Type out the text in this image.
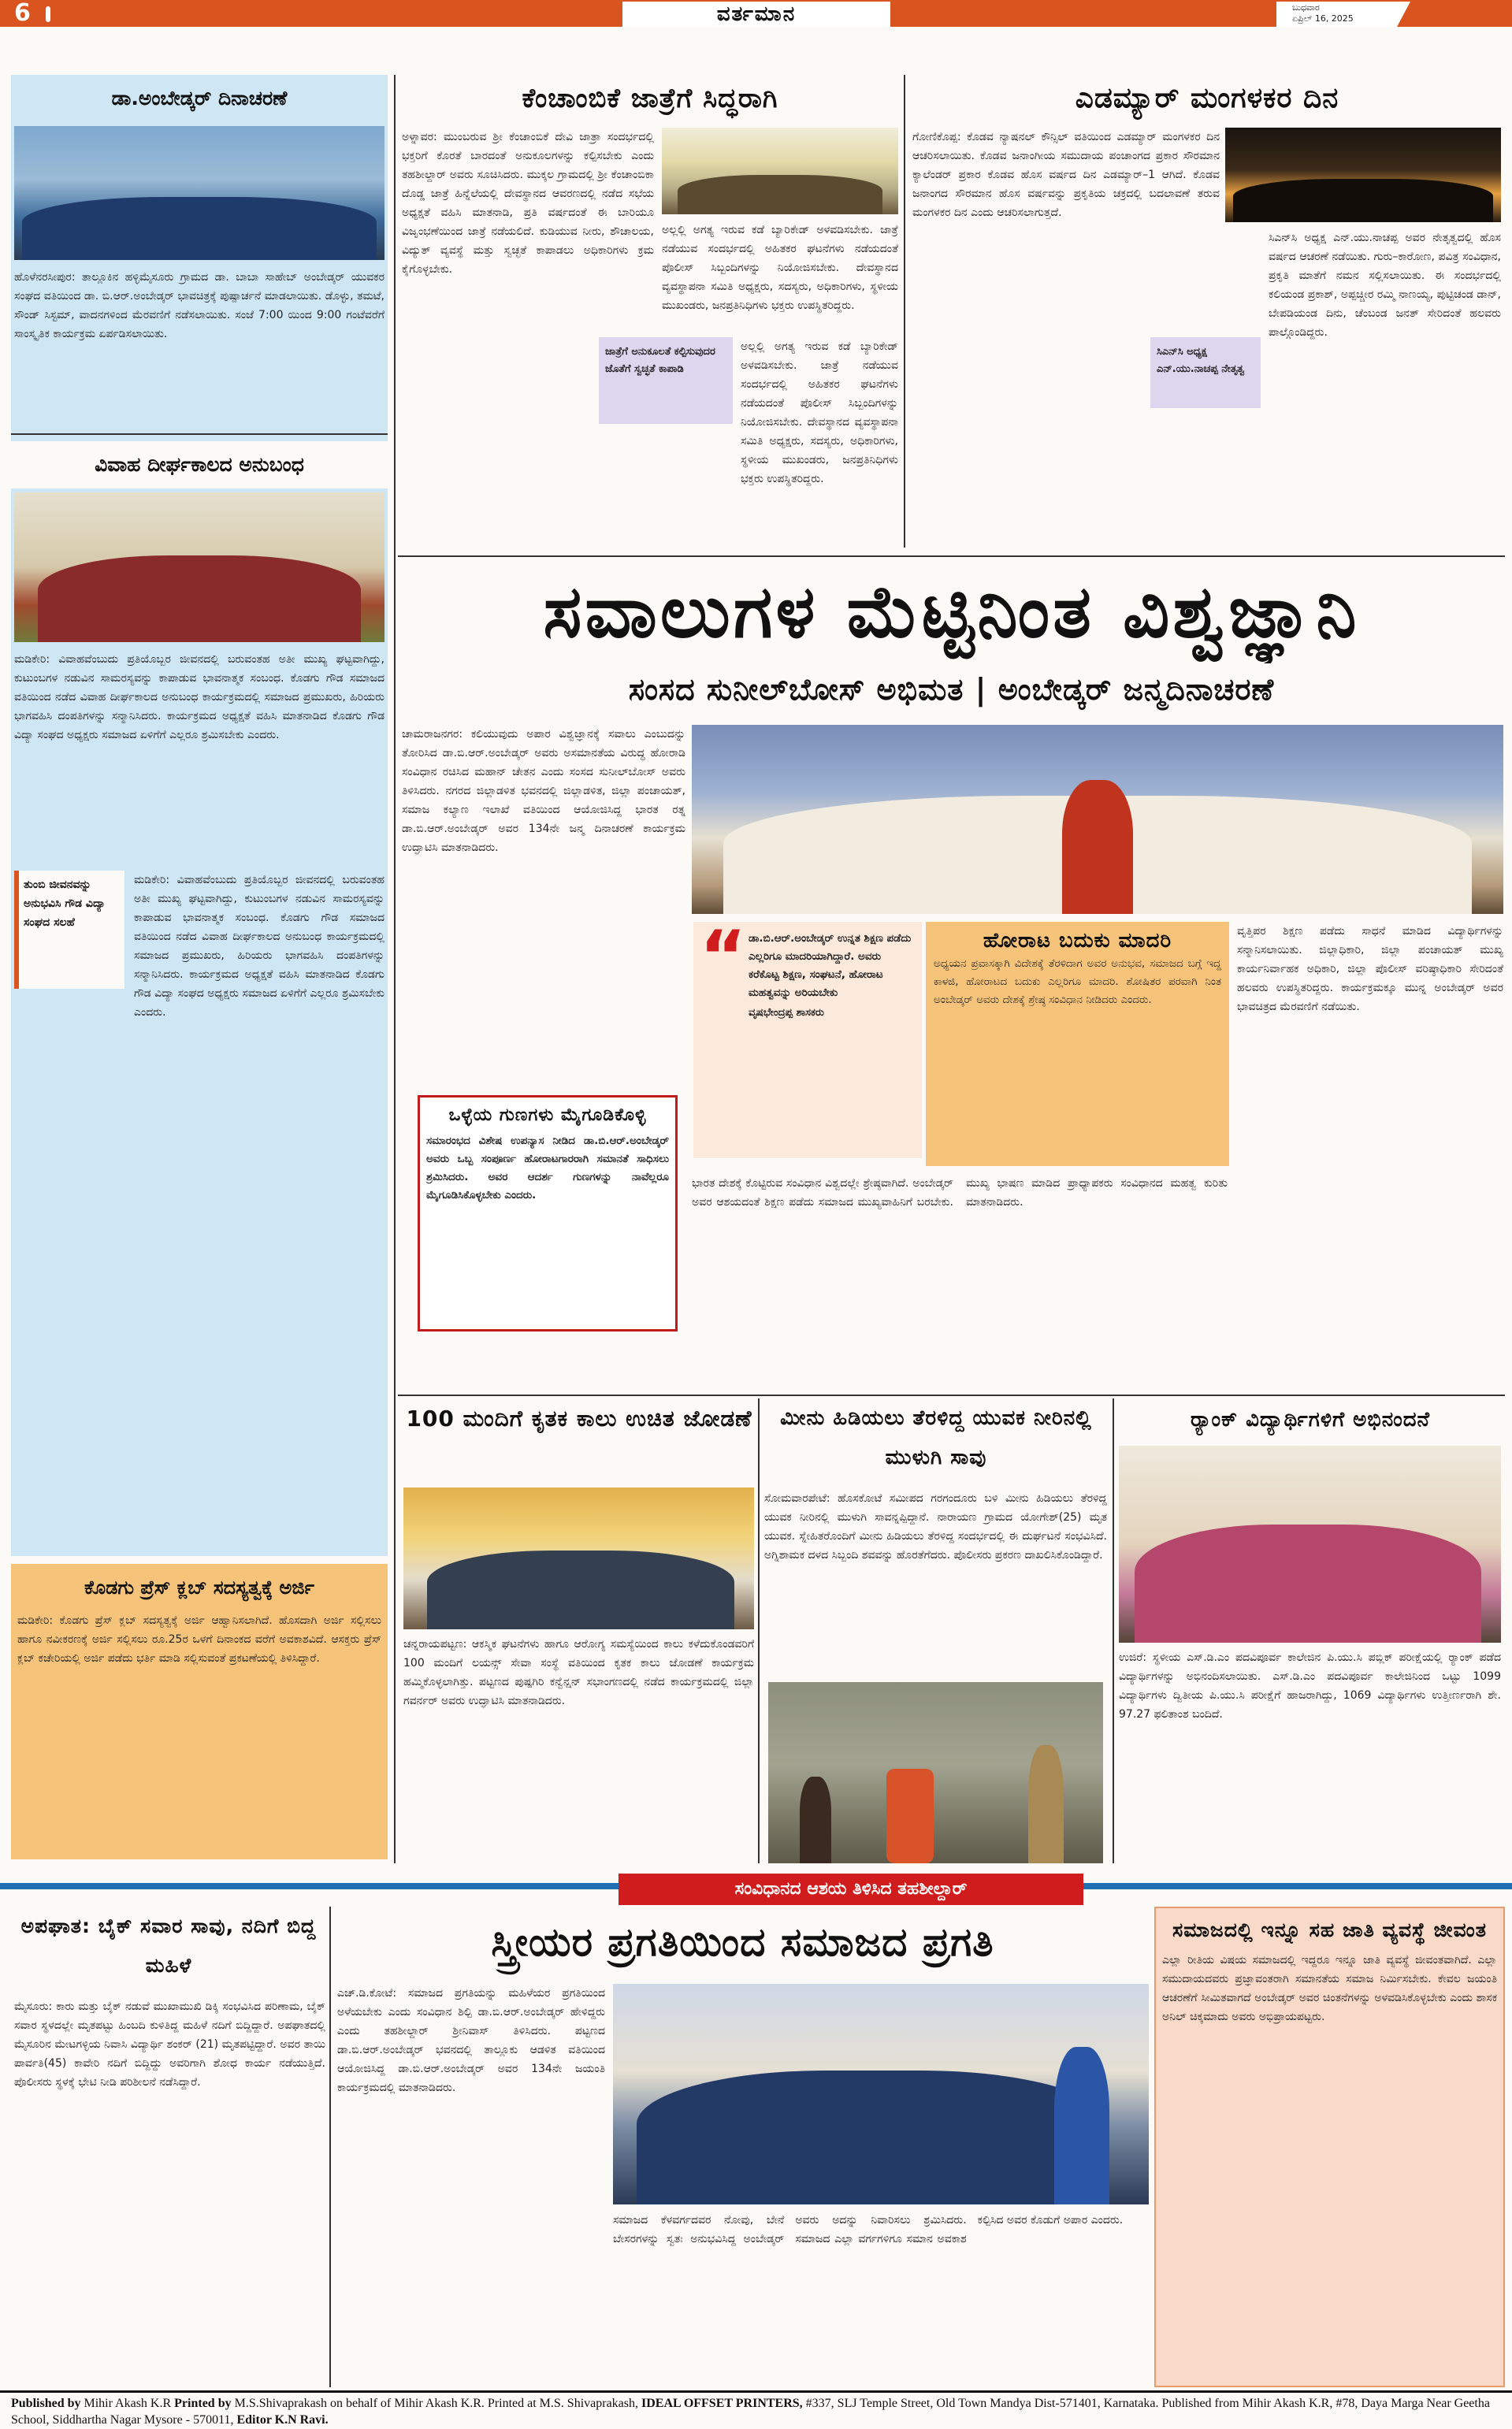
6	ವರ್ತಮಾನ	ಬುಧವಾರ
ಏಪ್ರಿಲ್ 16, 2025
ಡಾ.ಅಂಬೇಡ್ಕರ್ ದಿನಾಚರಣೆ

ಹೊಳೆನರಸೀಪುರ: ತಾಲ್ಲೂಕಿನ ಹಳ್ಳಿಮೈಸೂರು ಗ್ರಾಮದ ಡಾ. ಬಾಬಾ ಸಾಹೇಬ್ ಅಂಬೇಡ್ಕರ್ ಯುವಕರ ಸಂಘದ ವತಿಯಿಂದ ಡಾ. ಬಿ.ಆರ್.ಅಂಬೇಡ್ಕರ್ ಭಾವಚಿತ್ರಕ್ಕೆ ಪುಷ್ಪಾರ್ಚನೆ ಮಾಡಲಾಯಿತು. ಡೊಳ್ಳು, ತಮಟೆ, ಸೌಂಡ್ ಸಿಸ್ಟಮ್, ವಾದನಗಳಿಂದ ಮೆರವಣಿಗೆ ನಡೆಸಲಾಯಿತು. ಸಂಜೆ 7:00 ಯಿಂದ 9:00 ಗಂಟೆವರೆಗೆ ಸಾಂಸ್ಕೃತಿಕ ಕಾರ್ಯಕ್ರಮ ಏರ್ಪಡಿಸಲಾಯಿತು.

ವಿವಾಹ ದೀರ್ಘಕಾಲದ ಅನುಬಂಧ

ಮಡಿಕೇರಿ: ವಿವಾಹವೆಂಬುದು ಪ್ರತಿಯೊಬ್ಬರ ಜೀವನದಲ್ಲಿ ಬರುವಂತಹ ಅತೀ ಮುಖ್ಯ ಘಟ್ಟವಾಗಿದ್ದು, ಕುಟುಂಬಗಳ ನಡುವಿನ ಸಾಮರಸ್ಯವನ್ನು ಕಾಪಾಡುವ ಭಾವನಾತ್ಮಕ ಸಂಬಂಧ. ಕೊಡಗು ಗೌಡ ಸಮಾಜದ ವತಿಯಿಂದ ನಡೆದ ವಿವಾಹ ದೀರ್ಘಕಾಲದ ಅನುಬಂಧ ಕಾರ್ಯಕ್ರಮದಲ್ಲಿ ಸಮಾಜದ ಪ್ರಮುಖರು, ಹಿರಿಯರು ಭಾಗವಹಿಸಿ ದಂಪತಿಗಳನ್ನು ಸನ್ಮಾನಿಸಿದರು. ಕಾರ್ಯಕ್ರಮದ ಅಧ್ಯಕ್ಷತೆ ವಹಿಸಿ ಮಾತನಾಡಿದ ಕೊಡಗು ಗೌಡ ವಿದ್ಯಾ ಸಂಘದ ಅಧ್ಯಕ್ಷರು ಸಮಾಜದ ಏಳಿಗೆಗೆ ಎಲ್ಲರೂ ಶ್ರಮಿಸಬೇಕು ಎಂದರು.

ತುಂಬಿ ಜೀವನವನ್ನು ಅನುಭವಿಸಿ ಗೌಡ ವಿದ್ಯಾ ಸಂಘದ ಸಲಹೆ

ಮಡಿಕೇರಿ: ವಿವಾಹವೆಂಬುದು ಪ್ರತಿಯೊಬ್ಬರ ಜೀವನದಲ್ಲಿ ಬರುವಂತಹ ಅತೀ ಮುಖ್ಯ ಘಟ್ಟವಾಗಿದ್ದು, ಕುಟುಂಬಗಳ ನಡುವಿನ ಸಾಮರಸ್ಯವನ್ನು ಕಾಪಾಡುವ ಭಾವನಾತ್ಮಕ ಸಂಬಂಧ. ಕೊಡಗು ಗೌಡ ಸಮಾಜದ ವತಿಯಿಂದ ನಡೆದ ವಿವಾಹ ದೀರ್ಘಕಾಲದ ಅನುಬಂಧ ಕಾರ್ಯಕ್ರಮದಲ್ಲಿ ಸಮಾಜದ ಪ್ರಮುಖರು, ಹಿರಿಯರು ಭಾಗವಹಿಸಿ ದಂಪತಿಗಳನ್ನು ಸನ್ಮಾನಿಸಿದರು. ಕಾರ್ಯಕ್ರಮದ ಅಧ್ಯಕ್ಷತೆ ವಹಿಸಿ ಮಾತನಾಡಿದ ಕೊಡಗು ಗೌಡ ವಿದ್ಯಾ ಸಂಘದ ಅಧ್ಯಕ್ಷರು ಸಮಾಜದ ಏಳಿಗೆಗೆ ಎಲ್ಲರೂ ಶ್ರಮಿಸಬೇಕು ಎಂದರು.

ಕೊಡಗು ಪ್ರೆಸ್ ಕ್ಲಬ್ ಸದಸ್ಯತ್ವಕ್ಕೆ ಅರ್ಜಿ

ಮಡಿಕೇರಿ: ಕೊಡಗು ಪ್ರೆಸ್ ಕ್ಲಬ್ ಸದಸ್ಯತ್ವಕ್ಕೆ ಅರ್ಜಿ ಆಹ್ವಾನಿಸಲಾಗಿದೆ. ಹೊಸದಾಗಿ ಅರ್ಜಿ ಸಲ್ಲಿಸಲು ಹಾಗೂ ನವೀಕರಣಕ್ಕೆ ಅರ್ಜಿ ಸಲ್ಲಿಸಲು ರೂ.25ರ ಒಳಗೆ ದಿನಾಂಕದ ವರೆಗೆ ಅವಕಾಶವಿದೆ. ಆಸಕ್ತರು ಪ್ರೆಸ್ ಕ್ಲಬ್ ಕಚೇರಿಯಲ್ಲಿ ಅರ್ಜಿ ಪಡೆದು ಭರ್ತಿ ಮಾಡಿ ಸಲ್ಲಿಸುವಂತೆ ಪ್ರಕಟಣೆಯಲ್ಲಿ ತಿಳಿಸಿದ್ದಾರೆ.

ಕೆಂಚಾಂಬಿಕೆ ಜಾತ್ರೆಗೆ ಸಿದ್ಧರಾಗಿ

ಅಳ್ನಾವರ: ಮುಂಬರುವ ಶ್ರೀ ಕೆಂಚಾಂಬಿಕೆ ದೇವಿ ಜಾತ್ರಾ ಸಂದರ್ಭದಲ್ಲಿ ಭಕ್ತರಿಗೆ ಕೊರತೆ ಬಾರದಂತೆ ಅನುಕೂಲಗಳನ್ನು ಕಲ್ಪಿಸಬೇಕು ಎಂದು ತಹಶೀಲ್ದಾರ್ ಅವರು ಸೂಚಿಸಿದರು. ಮುಕ್ಕಲ ಗ್ರಾಮದಲ್ಲಿ ಶ್ರೀ ಕೆಂಚಾಂಬಿಕಾ ದೊಡ್ಡ ಜಾತ್ರೆ ಹಿನ್ನೆಲೆಯಲ್ಲಿ ದೇವಸ್ಥಾನದ ಆವರಣದಲ್ಲಿ ನಡೆದ ಸಭೆಯ ಅಧ್ಯಕ್ಷತೆ ವಹಿಸಿ ಮಾತನಾಡಿ, ಪ್ರತಿ ವರ್ಷದಂತೆ ಈ ಬಾರಿಯೂ ವಿಜೃಂಭಣೆಯಿಂದ ಜಾತ್ರೆ ನಡೆಯಲಿದೆ. ಕುಡಿಯುವ ನೀರು, ಶೌಚಾಲಯ, ವಿದ್ಯುತ್ ವ್ಯವಸ್ಥೆ ಮತ್ತು ಸ್ವಚ್ಛತೆ ಕಾಪಾಡಲು ಅಧಿಕಾರಿಗಳು ಕ್ರಮ ಕೈಗೊಳ್ಳಬೇಕು.

ಅಲ್ಲಲ್ಲಿ ಅಗತ್ಯ ಇರುವ ಕಡೆ ಬ್ಯಾರಿಕೇಡ್ ಅಳವಡಿಸಬೇಕು. ಜಾತ್ರೆ ನಡೆಯುವ ಸಂದರ್ಭದಲ್ಲಿ ಅಹಿತಕರ ಘಟನೆಗಳು ನಡೆಯದಂತೆ ಪೊಲೀಸ್ ಸಿಬ್ಬಂದಿಗಳನ್ನು ನಿಯೋಜಿಸಬೇಕು. ದೇವಸ್ಥಾನದ ವ್ಯವಸ್ಥಾಪನಾ ಸಮಿತಿ ಅಧ್ಯಕ್ಷರು, ಸದಸ್ಯರು, ಅಧಿಕಾರಿಗಳು, ಸ್ಥಳೀಯ ಮುಖಂಡರು, ಜನಪ್ರತಿನಿಧಿಗಳು ಭಕ್ತರು ಉಪಸ್ಥಿತರಿದ್ದರು.

ಜಾತ್ರೆಗೆ ಅನುಕೂಲತೆ ಕಲ್ಪಿಸುವುದರ ಜೊತೆಗೆ ಸ್ವಚ್ಛತೆ ಕಾಪಾಡಿ

ಅಲ್ಲಲ್ಲಿ ಅಗತ್ಯ ಇರುವ ಕಡೆ ಬ್ಯಾರಿಕೇಡ್ ಅಳವಡಿಸಬೇಕು. ಜಾತ್ರೆ ನಡೆಯುವ ಸಂದರ್ಭದಲ್ಲಿ ಅಹಿತಕರ ಘಟನೆಗಳು ನಡೆಯದಂತೆ ಪೊಲೀಸ್ ಸಿಬ್ಬಂದಿಗಳನ್ನು ನಿಯೋಜಿಸಬೇಕು. ದೇವಸ್ಥಾನದ ವ್ಯವಸ್ಥಾಪನಾ ಸಮಿತಿ ಅಧ್ಯಕ್ಷರು, ಸದಸ್ಯರು, ಅಧಿಕಾರಿಗಳು, ಸ್ಥಳೀಯ ಮುಖಂಡರು, ಜನಪ್ರತಿನಿಧಿಗಳು ಭಕ್ತರು ಉಪಸ್ಥಿತರಿದ್ದರು.

ಎಡಮ್ಯಾರ್ ಮಂಗಳಕರ ದಿನ

ಗೋಣಿಕೊಪ್ಪ: ಕೊಡವ ನ್ಯಾಷನಲ್ ಕೌನ್ಸಿಲ್ ವತಿಯಿಂದ ಎಡಮ್ಯಾರ್ ಮಂಗಳಕರ ದಿನ ಆಚರಿಸಲಾಯಿತು. ಕೊಡವ ಜನಾಂಗೀಯ ಸಮುದಾಯ ಪಂಚಾಂಗದ ಪ್ರಕಾರ ಸೌರಮಾನ ಕ್ಯಾಲೆಂಡರ್ ಪ್ರಕಾರ ಕೊಡವ ಹೊಸ ವರ್ಷದ ದಿನ ಎಡಮ್ಯಾರ್–1 ಆಗಿದೆ. ಕೊಡವ ಜನಾಂಗದ ಸೌರಮಾನ ಹೊಸ ವರ್ಷವನ್ನು ಪ್ರಕೃತಿಯ ಚಕ್ರದಲ್ಲಿ ಬದಲಾವಣೆ ತರುವ ಮಂಗಳಕರ ದಿನ ಎಂದು ಆಚರಿಸಲಾಗುತ್ತದೆ.

ಸಿಎನ್‌ಸಿ ಅಧ್ಯಕ್ಷ ಎನ್.ಯು.ನಾಚಪ್ಪ ನೇತೃತ್ವ

ಸಿಎನ್‌ಸಿ ಅಧ್ಯಕ್ಷ ಎನ್.ಯು.ನಾಚಪ್ಪ ಅವರ ನೇತೃತ್ವದಲ್ಲಿ ಹೊಸ ವರ್ಷದ ಆಚರಣೆ ನಡೆಯಿತು. ಗುರು–ಕಾರೋಣ, ಪವಿತ್ರ ಸಂವಿಧಾನ, ಪ್ರಕೃತಿ ಮಾತೆಗೆ ನಮನ ಸಲ್ಲಿಸಲಾಯಿತು. ಈ ಸಂದರ್ಭದಲ್ಲಿ ಕಲಿಯಂಡ ಪ್ರಕಾಶ್, ಅಪ್ಪಚ್ಚೀರ ರಮ್ಮಿ ನಾಣಯ್ಯ, ಪುಟ್ಟಿಚಂಡ ಡಾನ್, ಬೇಪಡಿಯಂಡ ದಿನು, ಚೆಂಬಂಡ ಜನತ್ ಸೇರಿದಂತೆ ಹಲವರು ಪಾಲ್ಗೊಂಡಿದ್ದರು.

ಸವಾಲುಗಳ ಮೆಟ್ಟಿನಿಂತ ವಿಶ್ವಜ್ಞಾನಿ
ಸಂಸದ ಸುನೀಲ್‌ಬೋಸ್ ಅಭಿಮತ | ಅಂಬೇಡ್ಕರ್ ಜನ್ಮದಿನಾಚರಣೆ

ಚಾಮರಾಜನಗರ: ಕಲಿಯುವುದು ಅಪಾರ ವಿಶ್ವಜ್ಞಾನಕ್ಕೆ ಸವಾಲು ಎಂಬುದನ್ನು ತೋರಿಸಿದ ಡಾ.ಬಿ.ಆರ್.ಅಂಬೇಡ್ಕರ್ ಅವರು ಅಸಮಾನತೆಯ ವಿರುದ್ಧ ಹೋರಾಡಿ ಸಂವಿಧಾನ ರಚಿಸಿದ ಮಹಾನ್ ಚೇತನ ಎಂದು ಸಂಸದ ಸುನೀಲ್‌ಬೋಸ್ ಅವರು ತಿಳಿಸಿದರು. ನಗರದ ಜಿಲ್ಲಾಡಳಿತ ಭವನದಲ್ಲಿ ಜಿಲ್ಲಾಡಳಿತ, ಜಿಲ್ಲಾ ಪಂಚಾಯತ್, ಸಮಾಜ ಕಲ್ಯಾಣ ಇಲಾಖೆ ವತಿಯಿಂದ ಆಯೋಜಿಸಿದ್ದ ಭಾರತ ರತ್ನ ಡಾ.ಬಿ.ಆರ್.ಅಂಬೇಡ್ಕರ್ ಅವರ 134ನೇ ಜನ್ಮ ದಿನಾಚರಣೆ ಕಾರ್ಯಕ್ರಮ ಉದ್ಘಾಟಿಸಿ ಮಾತನಾಡಿದರು.

“ ಡಾ.ಬಿ.ಆರ್.ಅಂಬೇಡ್ಕರ್ ಉನ್ನತ ಶಿಕ್ಷಣ ಪಡೆದು ಎಲ್ಲರಿಗೂ ಮಾದರಿಯಾಗಿದ್ದಾರೆ. ಅವರು ಕರೆಕೊಟ್ಟ ಶಿಕ್ಷಣ, ಸಂಘಟನೆ, ಹೋರಾಟ ಮಹತ್ವವನ್ನು ಅರಿಯಬೇಕು
ವೃಷಭೇಂದ್ರಪ್ಪ ಶಾಸಕರು
ಹೋರಾಟ ಬದುಕು ಮಾದರಿ

ಅಧ್ಯಯನ ಪ್ರವಾಸಕ್ಕಾಗಿ ವಿದೇಶಕ್ಕೆ ತೆರಳಿದಾಗ ಅವರ ಅನುಭವ, ಸಮಾಜದ ಬಗ್ಗೆ ಇದ್ದ ಕಾಳಜಿ, ಹೋರಾಟದ ಬದುಕು ಎಲ್ಲರಿಗೂ ಮಾದರಿ. ಶೋಷಿತರ ಪರವಾಗಿ ನಿಂತ ಅಂಬೇಡ್ಕರ್ ಅವರು ದೇಶಕ್ಕೆ ಶ್ರೇಷ್ಠ ಸಂವಿಧಾನ ನೀಡಿದರು ಎಂದರು.

ಒಳ್ಳೆಯ ಗುಣಗಳು ಮೈಗೂಡಿಕೊಳ್ಳಿ

ಸಮಾರಂಭದ ವಿಶೇಷ ಉಪನ್ಯಾಸ ನೀಡಿದ ಡಾ.ಬಿ.ಆರ್.ಅಂಬೇಡ್ಕರ್ ಅವರು ಒಬ್ಬ ಸಂಪೂರ್ಣ ಹೋರಾಟಗಾರರಾಗಿ ಸಮಾನತೆ ಸಾಧಿಸಲು ಶ್ರಮಿಸಿದರು. ಅವರ ಆದರ್ಶ ಗುಣಗಳನ್ನು ನಾವೆಲ್ಲರೂ ಮೈಗೂಡಿಸಿಕೊಳ್ಳಬೇಕು ಎಂದರು.

ಭಾರತ ದೇಶಕ್ಕೆ ಕೊಟ್ಟಿರುವ ಸಂವಿಧಾನ ವಿಶ್ವದಲ್ಲೇ ಶ್ರೇಷ್ಠವಾಗಿದೆ. ಅಂಬೇಡ್ಕರ್ ಅವರ ಆಶಯದಂತೆ ಶಿಕ್ಷಣ ಪಡೆದು ಸಮಾಜದ ಮುಖ್ಯವಾಹಿನಿಗೆ ಬರಬೇಕು. ಮುಖ್ಯ ಭಾಷಣ ಮಾಡಿದ ಪ್ರಾಧ್ಯಾಪಕರು ಸಂವಿಧಾನದ ಮಹತ್ವ ಕುರಿತು ಮಾತನಾಡಿದರು.

ವೃತ್ತಿಪರ ಶಿಕ್ಷಣ ಪಡೆದು ಸಾಧನೆ ಮಾಡಿದ ವಿದ್ಯಾರ್ಥಿಗಳನ್ನು ಸನ್ಮಾನಿಸಲಾಯಿತು. ಜಿಲ್ಲಾಧಿಕಾರಿ, ಜಿಲ್ಲಾ ಪಂಚಾಯತ್ ಮುಖ್ಯ ಕಾರ್ಯನಿರ್ವಾಹಕ ಅಧಿಕಾರಿ, ಜಿಲ್ಲಾ ಪೊಲೀಸ್ ವರಿಷ್ಠಾಧಿಕಾರಿ ಸೇರಿದಂತೆ ಹಲವರು ಉಪಸ್ಥಿತರಿದ್ದರು. ಕಾರ್ಯಕ್ರಮಕ್ಕೂ ಮುನ್ನ ಅಂಬೇಡ್ಕರ್ ಅವರ ಭಾವಚಿತ್ರದ ಮೆರವಣಿಗೆ ನಡೆಯಿತು.

100 ಮಂದಿಗೆ ಕೃತಕ ಕಾಲು ಉಚಿತ ಜೋಡಣೆ

ಚನ್ನರಾಯಪಟ್ಟಣ: ಆಕಸ್ಮಿಕ ಘಟನೆಗಳು ಹಾಗೂ ಆರೋಗ್ಯ ಸಮಸ್ಯೆಯಿಂದ ಕಾಲು ಕಳೆದುಕೊಂಡವರಿಗೆ 100 ಮಂದಿಗೆ ಲಯನ್ಸ್ ಸೇವಾ ಸಂಸ್ಥೆ ವತಿಯಿಂದ ಕೃತಕ ಕಾಲು ಜೋಡಣೆ ಕಾರ್ಯಕ್ರಮ ಹಮ್ಮಿಕೊಳ್ಳಲಾಗಿತ್ತು. ಪಟ್ಟಣದ ಪುಷ್ಪಗಿರಿ ಕನ್ವೆನ್ಷನ್ ಸಭಾಂಗಣದಲ್ಲಿ ನಡೆದ ಕಾರ್ಯಕ್ರಮದಲ್ಲಿ ಜಿಲ್ಲಾ ಗವರ್ನರ್ ಅವರು ಉದ್ಘಾಟಿಸಿ ಮಾತನಾಡಿದರು.

ಮೀನು ಹಿಡಿಯಲು ತೆರಳಿದ್ದ ಯುವಕ ನೀರಿನಲ್ಲಿ ಮುಳುಗಿ ಸಾವು

ಸೋಮವಾರಪೇಟೆ: ಹೊಸಕೋಟೆ ಸಮೀಪದ ಗರಗಂದೂರು ಬಳಿ ಮೀನು ಹಿಡಿಯಲು ತೆರಳಿದ್ದ ಯುವಕ ನೀರಿನಲ್ಲಿ ಮುಳುಗಿ ಸಾವನ್ನಪ್ಪಿದ್ದಾನೆ. ನಾರಾಯಣ ಗ್ರಾಮದ ಯೋಗೇಶ್(25) ಮೃತ ಯುವಕ. ಸ್ನೇಹಿತರೊಂದಿಗೆ ಮೀನು ಹಿಡಿಯಲು ತೆರಳಿದ್ದ ಸಂದರ್ಭದಲ್ಲಿ ಈ ದುರ್ಘಟನೆ ಸಂಭವಿಸಿದೆ. ಅಗ್ನಿಶಾಮಕ ದಳದ ಸಿಬ್ಬಂದಿ ಶವವನ್ನು ಹೊರತೆಗೆದರು. ಪೊಲೀಸರು ಪ್ರಕರಣ ದಾಖಲಿಸಿಕೊಂಡಿದ್ದಾರೆ.

ರ್‍ಯಾಂಕ್ ವಿದ್ಯಾರ್ಥಿಗಳಿಗೆ ಅಭಿನಂದನೆ

ಉಜಿರೆ: ಸ್ಥಳೀಯ ಎಸ್.ಡಿ.ಎಂ ಪದವಿಪೂರ್ವ ಕಾಲೇಜಿನ ಪಿ.ಯು.ಸಿ ಪಬ್ಲಿಕ್ ಪರೀಕ್ಷೆಯಲ್ಲಿ ರ್‍ಯಾಂಕ್ ಪಡೆದ ವಿದ್ಯಾರ್ಥಿಗಳನ್ನು ಅಭಿನಂದಿಸಲಾಯಿತು. ಎಸ್.ಡಿ.ಎಂ ಪದವಿಪೂರ್ವ ಕಾಲೇಜಿನಿಂದ ಒಟ್ಟು 1099 ವಿದ್ಯಾರ್ಥಿಗಳು ದ್ವಿತೀಯ ಪಿ.ಯು.ಸಿ ಪರೀಕ್ಷೆಗೆ ಹಾಜರಾಗಿದ್ದು, 1069 ವಿದ್ಯಾರ್ಥಿಗಳು ಉತ್ತೀರ್ಣರಾಗಿ ಶೇ. 97.27 ಫಲಿತಾಂಶ ಬಂದಿದೆ.

ಸಂವಿಧಾನದ ಆಶಯ ತಿಳಿಸಿದ ತಹಶೀಲ್ದಾರ್
ಅಪಘಾತ: ಬೈಕ್ ಸವಾರ ಸಾವು, ನದಿಗೆ ಬಿದ್ದ ಮಹಿಳೆ

ಮೈಸೂರು: ಕಾರು ಮತ್ತು ಬೈಕ್ ನಡುವೆ ಮುಖಾಮುಖಿ ಡಿಕ್ಕಿ ಸಂಭವಿಸಿದ ಪರಿಣಾಮ, ಬೈಕ್ ಸವಾರ ಸ್ಥಳದಲ್ಲೇ ಮೃತಪಟ್ಟು ಹಿಂಬದಿ ಕುಳಿತಿದ್ದ ಮಹಿಳೆ ನದಿಗೆ ಬಿದ್ದಿದ್ದಾರೆ. ಅಪಘಾತದಲ್ಲಿ ಮೈಸೂರಿನ ಮೇಟಗಳ್ಳಿಯ ನಿವಾಸಿ ವಿದ್ಯಾರ್ಥಿ ಶಂಕರ್ (21) ಮೃತಪಟ್ಟಿದ್ದಾರೆ. ಅವರ ತಾಯಿ ಪಾರ್ವತಿ(45) ಕಾವೇರಿ ನದಿಗೆ ಬಿದ್ದಿದ್ದು ಅವರಿಗಾಗಿ ಶೋಧ ಕಾರ್ಯ ನಡೆಯುತ್ತಿದೆ. ಪೊಲೀಸರು ಸ್ಥಳಕ್ಕೆ ಭೇಟಿ ನೀಡಿ ಪರಿಶೀಲನೆ ನಡೆಸಿದ್ದಾರೆ.

ಸ್ತ್ರೀಯರ ಪ್ರಗತಿಯಿಂದ ಸಮಾಜದ ಪ್ರಗತಿ

ಎಚ್.ಡಿ.ಕೋಟೆ: ಸಮಾಜದ ಪ್ರಗತಿಯನ್ನು ಮಹಿಳೆಯರ ಪ್ರಗತಿಯಿಂದ ಅಳೆಯಬೇಕು ಎಂದು ಸಂವಿಧಾನ ಶಿಲ್ಪಿ ಡಾ.ಬಿ.ಆರ್.ಅಂಬೇಡ್ಕರ್ ಹೇಳಿದ್ದರು ಎಂದು ತಹಶೀಲ್ದಾರ್ ಶ್ರೀನಿವಾಸ್ ತಿಳಿಸಿದರು. ಪಟ್ಟಣದ ಡಾ.ಬಿ.ಆರ್.ಅಂಬೇಡ್ಕರ್ ಭವನದಲ್ಲಿ ತಾಲ್ಲೂಕು ಆಡಳಿತ ವತಿಯಿಂದ ಆಯೋಜಿಸಿದ್ದ ಡಾ.ಬಿ.ಆರ್.ಅಂಬೇಡ್ಕರ್ ಅವರ 134ನೇ ಜಯಂತಿ ಕಾರ್ಯಕ್ರಮದಲ್ಲಿ ಮಾತನಾಡಿದರು.

ಸಮಾಜದ ಕೆಳವರ್ಗದವರ ನೋವು, ಬೇನೆ ಬೇಸರಗಳನ್ನು ಸ್ವತಃ ಅನುಭವಿಸಿದ್ದ ಅಂಬೇಡ್ಕರ್ ಅವರು ಅದನ್ನು ನಿವಾರಿಸಲು ಶ್ರಮಿಸಿದರು. ಸಮಾಜದ ಎಲ್ಲಾ ವರ್ಗಗಳಿಗೂ ಸಮಾನ ಅವಕಾಶ ಕಲ್ಪಿಸಿದ ಅವರ ಕೊಡುಗೆ ಅಪಾರ ಎಂದರು.

ಸಮಾಜದಲ್ಲಿ ಇನ್ನೂ ಸಹ ಜಾತಿ ವ್ಯವಸ್ಥೆ ಜೀವಂತ

ಎಲ್ಲಾ ರೀತಿಯ ವಿಷಯ ಸಮಾಜದಲ್ಲಿ ಇದ್ದರೂ ಇನ್ನೂ ಜಾತಿ ವ್ಯವಸ್ಥೆ ಜೀವಂತವಾಗಿದೆ. ಎಲ್ಲಾ ಸಮುದಾಯದವರು ಪ್ರಜ್ಞಾವಂತರಾಗಿ ಸಮಾನತೆಯ ಸಮಾಜ ನಿರ್ಮಿಸಬೇಕು. ಕೇವಲ ಜಯಂತಿ ಆಚರಣೆಗೆ ಸೀಮಿತವಾಗದೆ ಅಂಬೇಡ್ಕರ್ ಅವರ ಚಿಂತನೆಗಳನ್ನು ಅಳವಡಿಸಿಕೊಳ್ಳಬೇಕು ಎಂದು ಶಾಸಕ ಅನಿಲ್ ಚಿಕ್ಕಮಾದು ಅವರು ಅಭಿಪ್ರಾಯಪಟ್ಟರು.

Published by Mihir Akash K.R Printed by M.S.Shivaprakash on behalf of Mihir Akash K.R. Printed at M.S. Shivaprakash, IDEAL OFFSET PRINTERS, #337, SLJ Temple Street, Old Town Mandya Dist-571401, Karnataka. Published from Mihir Akash K.R, #78, Daya Marga Near Geetha School, Siddhartha Nagar Mysore - 570011, Editor K.N Ravi.
